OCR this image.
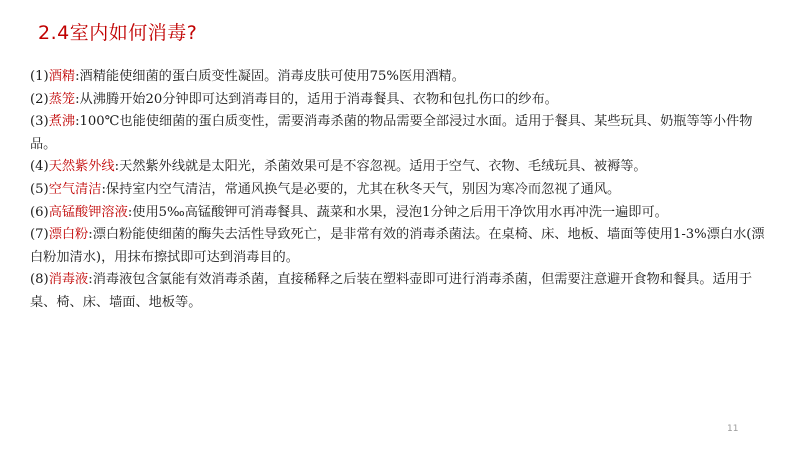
2.4室内如何消毒?

(1)酒精:酒精能使细菌的蛋白质变性凝固。消毒皮肤可使用75%医用酒精。

(2)蒸笼:从沸腾开始20分钟即可达到消毒目的，适用于消毒餐具、衣物和包扎伤口的纱布。

(3)煮沸:100℃也能使细菌的蛋白质变性，需要消毒杀菌的物品需要全部浸过水面。适用于餐具、某些玩具、奶瓶等等小件物品。

(4)天然紫外线:天然紫外线就是太阳光，杀菌效果可是不容忽视。适用于空气、衣物、毛绒玩具、被褥等。

(5)空气清洁:保持室内空气清洁，常通风换气是必要的，尤其在秋冬天气，别因为寒冷而忽视了通风。

(6)高锰酸钾溶液:使用5‰高锰酸钾可消毒餐具、蔬菜和水果，浸泡1分钟之后用干净饮用水再冲洗一遍即可。

(7)漂白粉:漂白粉能使细菌的酶失去活性导致死亡，是非常有效的消毒杀菌法。在桌椅、床、地板、墙面等使用1-3%漂白水(漂白粉加清水)，用抹布擦拭即可达到消毒目的。

(8)消毒液:消毒液包含氯能有效消毒杀菌，直接稀释之后装在塑料壶即可进行消毒杀菌，但需要注意避开食物和餐具。适用于桌、椅、床、墙面、地板等。

11
